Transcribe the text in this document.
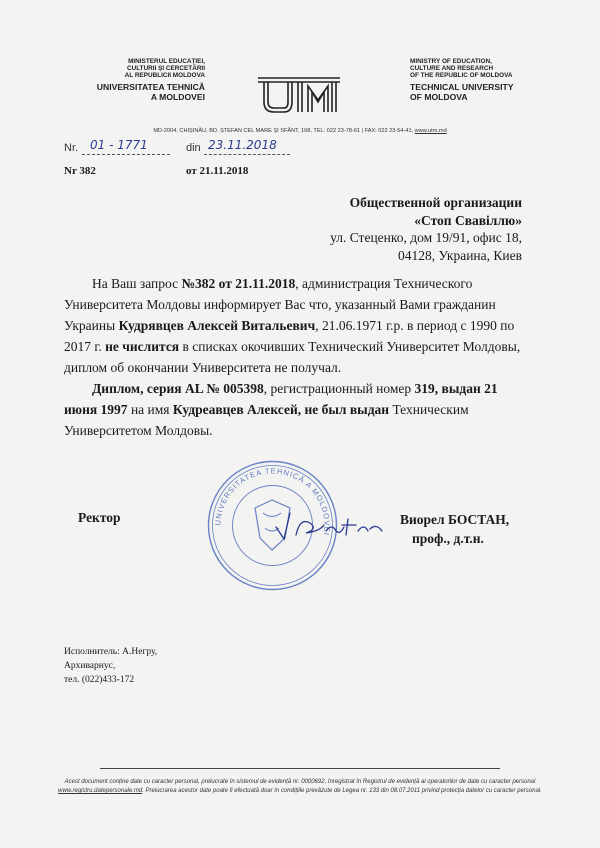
MINISTERUL EDUCAȚIEI,
CULTURII ȘI CERCETĂRII
AL REPUBLICII MOLDOVA
UNIVERSITATEA TEHNICĂ
A MOLDOVEI
UTM
MINISTRY OF EDUCATION,
CULTURE AND RESEARCH
OF THE REPUBLIC OF MOLDOVA
TECHNICAL UNIVERSITY
OF MOLDOVA
MD-2004, CHIȘINĂU, BD. ȘTEFAN CEL MARE ȘI SFÂNT, 168, TEL: 022 23-78-61 | FAX: 022 23-54-41, www.utm.md
Nr. 01 - 1771	din 23.11.2018
Nr 382	от 21.11.2018
Общественной организации
«Стоп Свавіллю»
ул. Стеценко, дом 19/91, офис 18,
04128, Украина, Киев

На Ваш запрос №382 от 21.11.2018, администрация Технического Университета Молдовы информирует Вас что, указанный Вами гражданин Украины Кудрявцев Алексей Витальевич, 21.06.1971 г.р. в период с 1990 по 2017 г. не числится в списках окочивших Технический Университет Молдовы, диплом об окончании Университета не получал.

Диплом, серия AL № 005398, регистрационный номер 319, выдан 21 июня 1997 на имя Кудреавцев Алексей, не был выдан Техническим Университетом Молдовы.

UNIVERSITATEA TEHNICĂ A MOLDOVEI
Ректор
V. Bostan
Виорел БОСТАН,
проф., д.т.н.
Исполнитель: А.Негру,
Архиварнус,
тел. (022)433-172
Acest document conține date cu caracter personal, prelucrate în sistemul de evidență nr. 0000692, înregistrat în Registrul de evidență al operatorilor de date cu caracter personal
www.registru.datepersonale.md. Prelucrarea acestor date poate fi efectuată doar în condițiile prevăzute de Legea nr. 133 din 08.07.2011 privind protecția datelor cu caracter personal.
